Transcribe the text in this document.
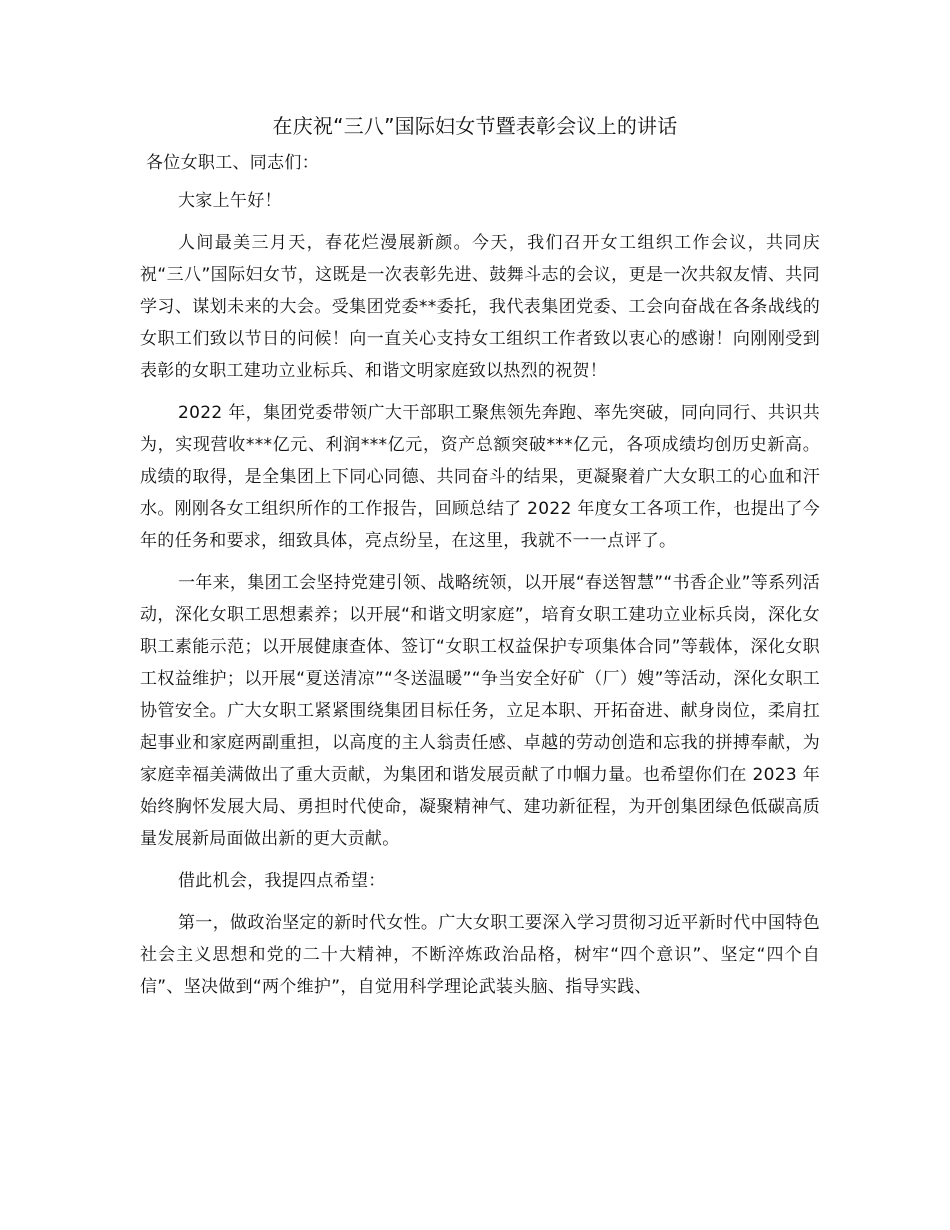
在庆祝“三八”国际妇女节暨表彰会议上的讲话

各位女职工、同志们：

大家上午好！

人间最美三月天，春花烂漫展新颜。今天，我们召开女工组织工作会议，共同庆祝“三八”国际妇女节，这既是一次表彰先进、鼓舞斗志的会议，更是一次共叙友情、共同学习、谋划未来的大会。受集团党委**委托，我代表集团党委、工会向奋战在各条战线的女职工们致以节日的问候！向一直关心支持女工组织工作者致以衷心的感谢！向刚刚受到表彰的女职工建功立业标兵、和谐文明家庭致以热烈的祝贺！

2022 年，集团党委带领广大干部职工聚焦领先奔跑、率先突破，同向同行、共识共为，实现营收***亿元、利润***亿元，资产总额突破***亿元，各项成绩均创历史新高。成绩的取得，是全集团上下同心同德、共同奋斗的结果，更凝聚着广大女职工的心血和汗水。刚刚各女工组织所作的工作报告，回顾总结了 2022 年度女工各项工作，也提出了今年的任务和要求，细致具体，亮点纷呈，在这里，我就不一一点评了。

一年来，集团工会坚持党建引领、战略统领，以开展“春送智慧”“书香企业”等系列活动，深化女职工思想素养；以开展“和谐文明家庭”，培育女职工建功立业标兵岗，深化女职工素能示范；以开展健康查体、签订“女职工权益保护专项集体合同”等载体，深化女职工权益维护；以开展“夏送清凉”“冬送温暖”“争当安全好矿（厂）嫂”等活动，深化女职工协管安全。广大女职工紧紧围绕集团目标任务，立足本职、开拓奋进、献身岗位，柔肩扛起事业和家庭两副重担，以高度的主人翁责任感、卓越的劳动创造和忘我的拼搏奉献，为家庭幸福美满做出了重大贡献，为集团和谐发展贡献了巾帼力量。也希望你们在 2023 年始终胸怀发展大局、勇担时代使命，凝聚精神气、建功新征程，为开创集团绿色低碳高质量发展新局面做出新的更大贡献。

借此机会，我提四点希望：

第一，做政治坚定的新时代女性。广大女职工要深入学习贯彻习近平新时代中国特色社会主义思想和党的二十大精神，不断淬炼政治品格，树牢“四个意识”、坚定“四个自信”、坚决做到“两个维护”，自觉用科学理论武装头脑、指导实践、
